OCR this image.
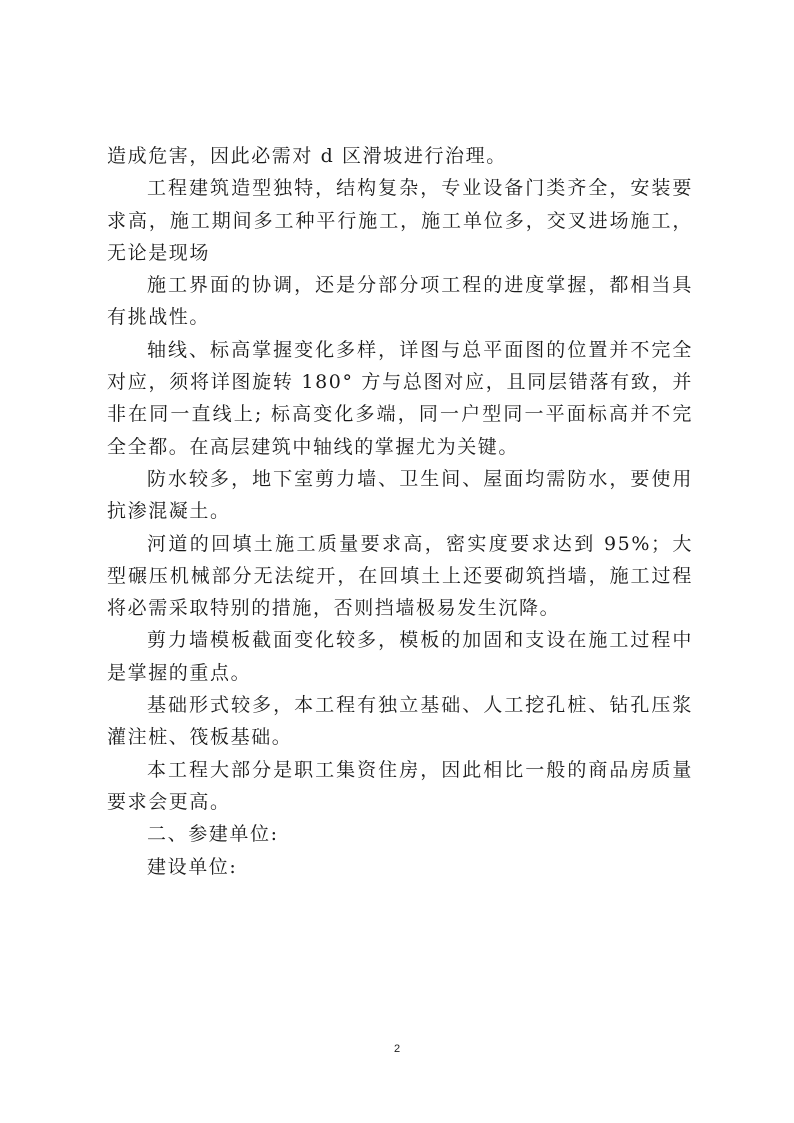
造成危害，因此必需对 d 区滑坡进行治理。

工程建筑造型独特，结构复杂，专业设备门类齐全，安装要求高，施工期间多工种平行施工，施工单位多，交叉进场施工，无论是现场

施工界面的协调，还是分部分项工程的进度掌握，都相当具有挑战性。

轴线、标高掌握变化多样，详图与总平面图的位置并不完全对应，须将详图旋转 180° 方与总图对应，且同层错落有致，并非在同一直线上; 标高变化多端，同一户型同一平面标高并不完全全都。在高层建筑中轴线的掌握尤为关键。

防水较多，地下室剪力墙、卫生间、屋面均需防水，要使用抗渗混凝土。

河道的回填土施工质量要求高，密实度要求达到 95%；大型碾压机械部分无法绽开，在回填土上还要砌筑挡墙，施工过程将必需采取特别的措施，否则挡墙极易发生沉降。

剪力墙模板截面变化较多，模板的加固和支设在施工过程中是掌握的重点。

基础形式较多，本工程有独立基础、人工挖孔桩、钻孔压浆灌注桩、筏板基础。

本工程大部分是职工集资住房，因此相比一般的商品房质量要求会更高。

二、参建单位:

建设单位:

2
